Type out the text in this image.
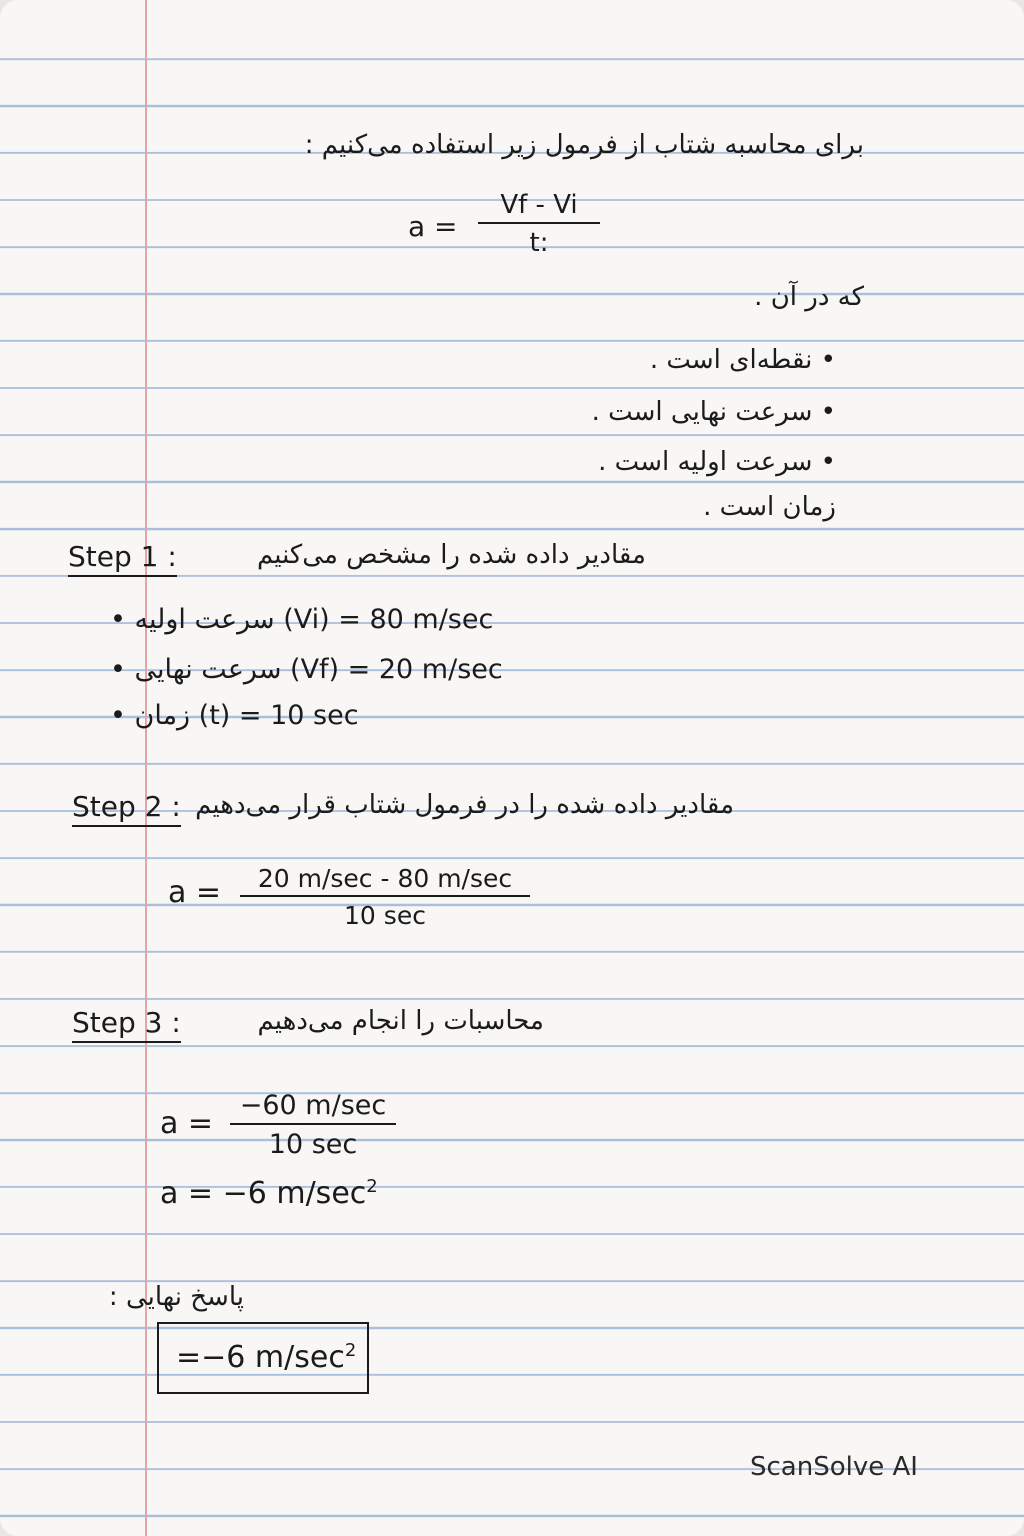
برای محاسبه شتاب از فرمول زیر استفاده می‌کنیم :
a =
Vf - Vi
t:
که در آن .
• نقطه‌ای است .
• سرعت نهایی است .
• سرعت اولیه است .
زمان است .
Step 1 :	مقادیر داده شده را مشخص می‌کنیم
• سرعت اولیه (Vi) = 80 m/sec
• سرعت نهایی (Vf) = 20 m/sec
• زمان (t) = 10 sec
Step 2 : مقادیر داده شده را در فرمول شتاب قرار می‌دهیم
a =	20 m/sec - 80 m/sec
10 sec
Step 3 :	محاسبات را انجام می‌دهیم
a =
−60 m/sec
10 sec
a = −6 $m/\sec^2$
پاسخ نهایی :
=−6 $m/\sec^2$
ScanSolve AI
